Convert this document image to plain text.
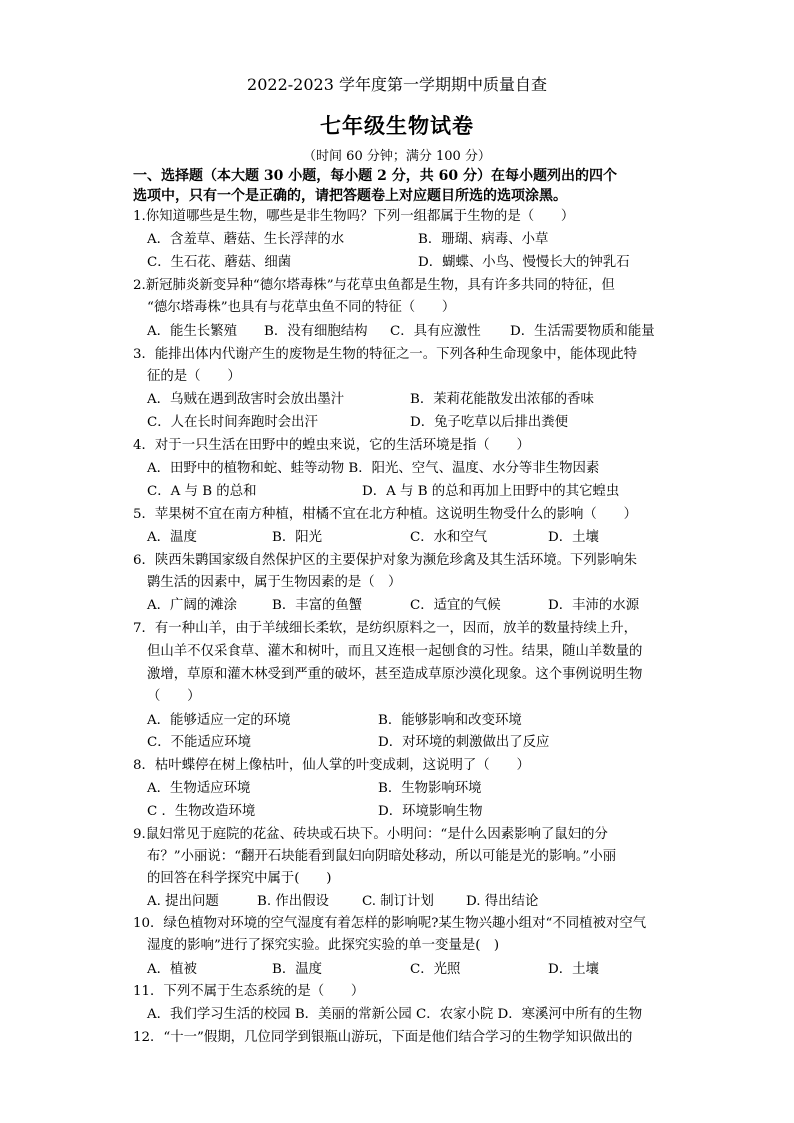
2022-2023 学年度第一学期期中质量自查
七年级生物试卷
（时间 60 分钟；满分 100 分）
一、选择题（本大题 30 小题，每小题 2 分，共 60 分）在每小题列出的四个
选项中，只有一个是正确的，请把答题卷上对应题目所选的选项涂黑。
1.你知道哪些是生物，哪些是非生物吗？下列一组都属于生物的是（　　）
A．含羞草、蘑菇、生长浮萍的水	B．珊瑚、病毒、小草
C．生石花、蘑菇、细菌	D．蝴蝶、小鸟、慢慢长大的钟乳石
2.新冠肺炎新变异种“德尔塔毒株”与花草虫鱼都是生物，具有许多共同的特征，但
“德尔塔毒株”也具有与花草虫鱼不同的特征（　　）
A．能生长繁殖 B．没有细胞结构 C．具有应激性 D．生活需要物质和能量
3．能排出体内代谢产生的废物是生物的特征之一。下列各种生命现象中，能体现此特
征的是（　　）
A．乌贼在遇到敌害时会放出墨汁	B．茉莉花能散发出浓郁的香味
C．人在长时间奔跑时会出汗	D．兔子吃草以后排出粪便
4．对于一只生活在田野中的蝗虫来说，它的生活环境是指（　　）
A．田野中的植物和蛇、蛙等动物 B．阳光、空气、温度、水分等非生物因素
C．A 与 B 的总和	D．A 与 B 的总和再加上田野中的其它蝗虫
5．苹果树不宜在南方种植，柑橘不宜在北方种植。这说明生物受什么的影响（　　）
A．温度	B．阳光	C．水和空气	D．土壤
6．陕西朱鹮国家级自然保护区的主要保护对象为濒危珍禽及其生活环境。下列影响朱
鹮生活的因素中，属于生物因素的是（　）
A．广阔的滩涂	B．丰富的鱼蟹	C．适宜的气候	D．丰沛的水源
7．有一种山羊，由于羊绒细长柔软，是纺织原料之一，因而，放羊的数量持续上升，
但山羊不仅采食草、灌木和树叶，而且又连根一起刨食的习性。结果，随山羊数量的
激增，草原和灌木林受到严重的破坏，甚至造成草原沙漠化现象。这个事例说明生物
（　　）
A．能够适应一定的环境	B．能够影响和改变环境
C．不能适应环境	D．对环境的刺激做出了反应
8．枯叶蝶停在树上像枯叶，仙人掌的叶变成刺，这说明了（　　）
A．生物适应环境	B．生物影响环境
C ．生物改造环境	D．环境影响生物
9.鼠妇常见于庭院的花盆、砖块或石块下。小明问：“是什么因素影响了鼠妇的分
布？”小丽说：“翻开石块能看到鼠妇向阴暗处移动，所以可能是光的影响。”小丽
的回答在科学探究中属于(　　)
A. 提出问题	B. 作出假设 C. 制订计划 D. 得出结论
10．绿色植物对环境的空气湿度有着怎样的影响呢?某生物兴趣小组对“不同植被对空气
湿度的影响”进行了探究实验。此探究实验的单一变量是(　)
A．植被	B．温度	C．光照	D．土壤
11．下列不属于生态系统的是（　　）
A．我们学习生活的校园 B．美丽的常新公园 C．农家小院 D．寒溪河中所有的生物
12．“十一”假期，几位同学到银瓶山游玩，下面是他们结合学习的生物学知识做出的
